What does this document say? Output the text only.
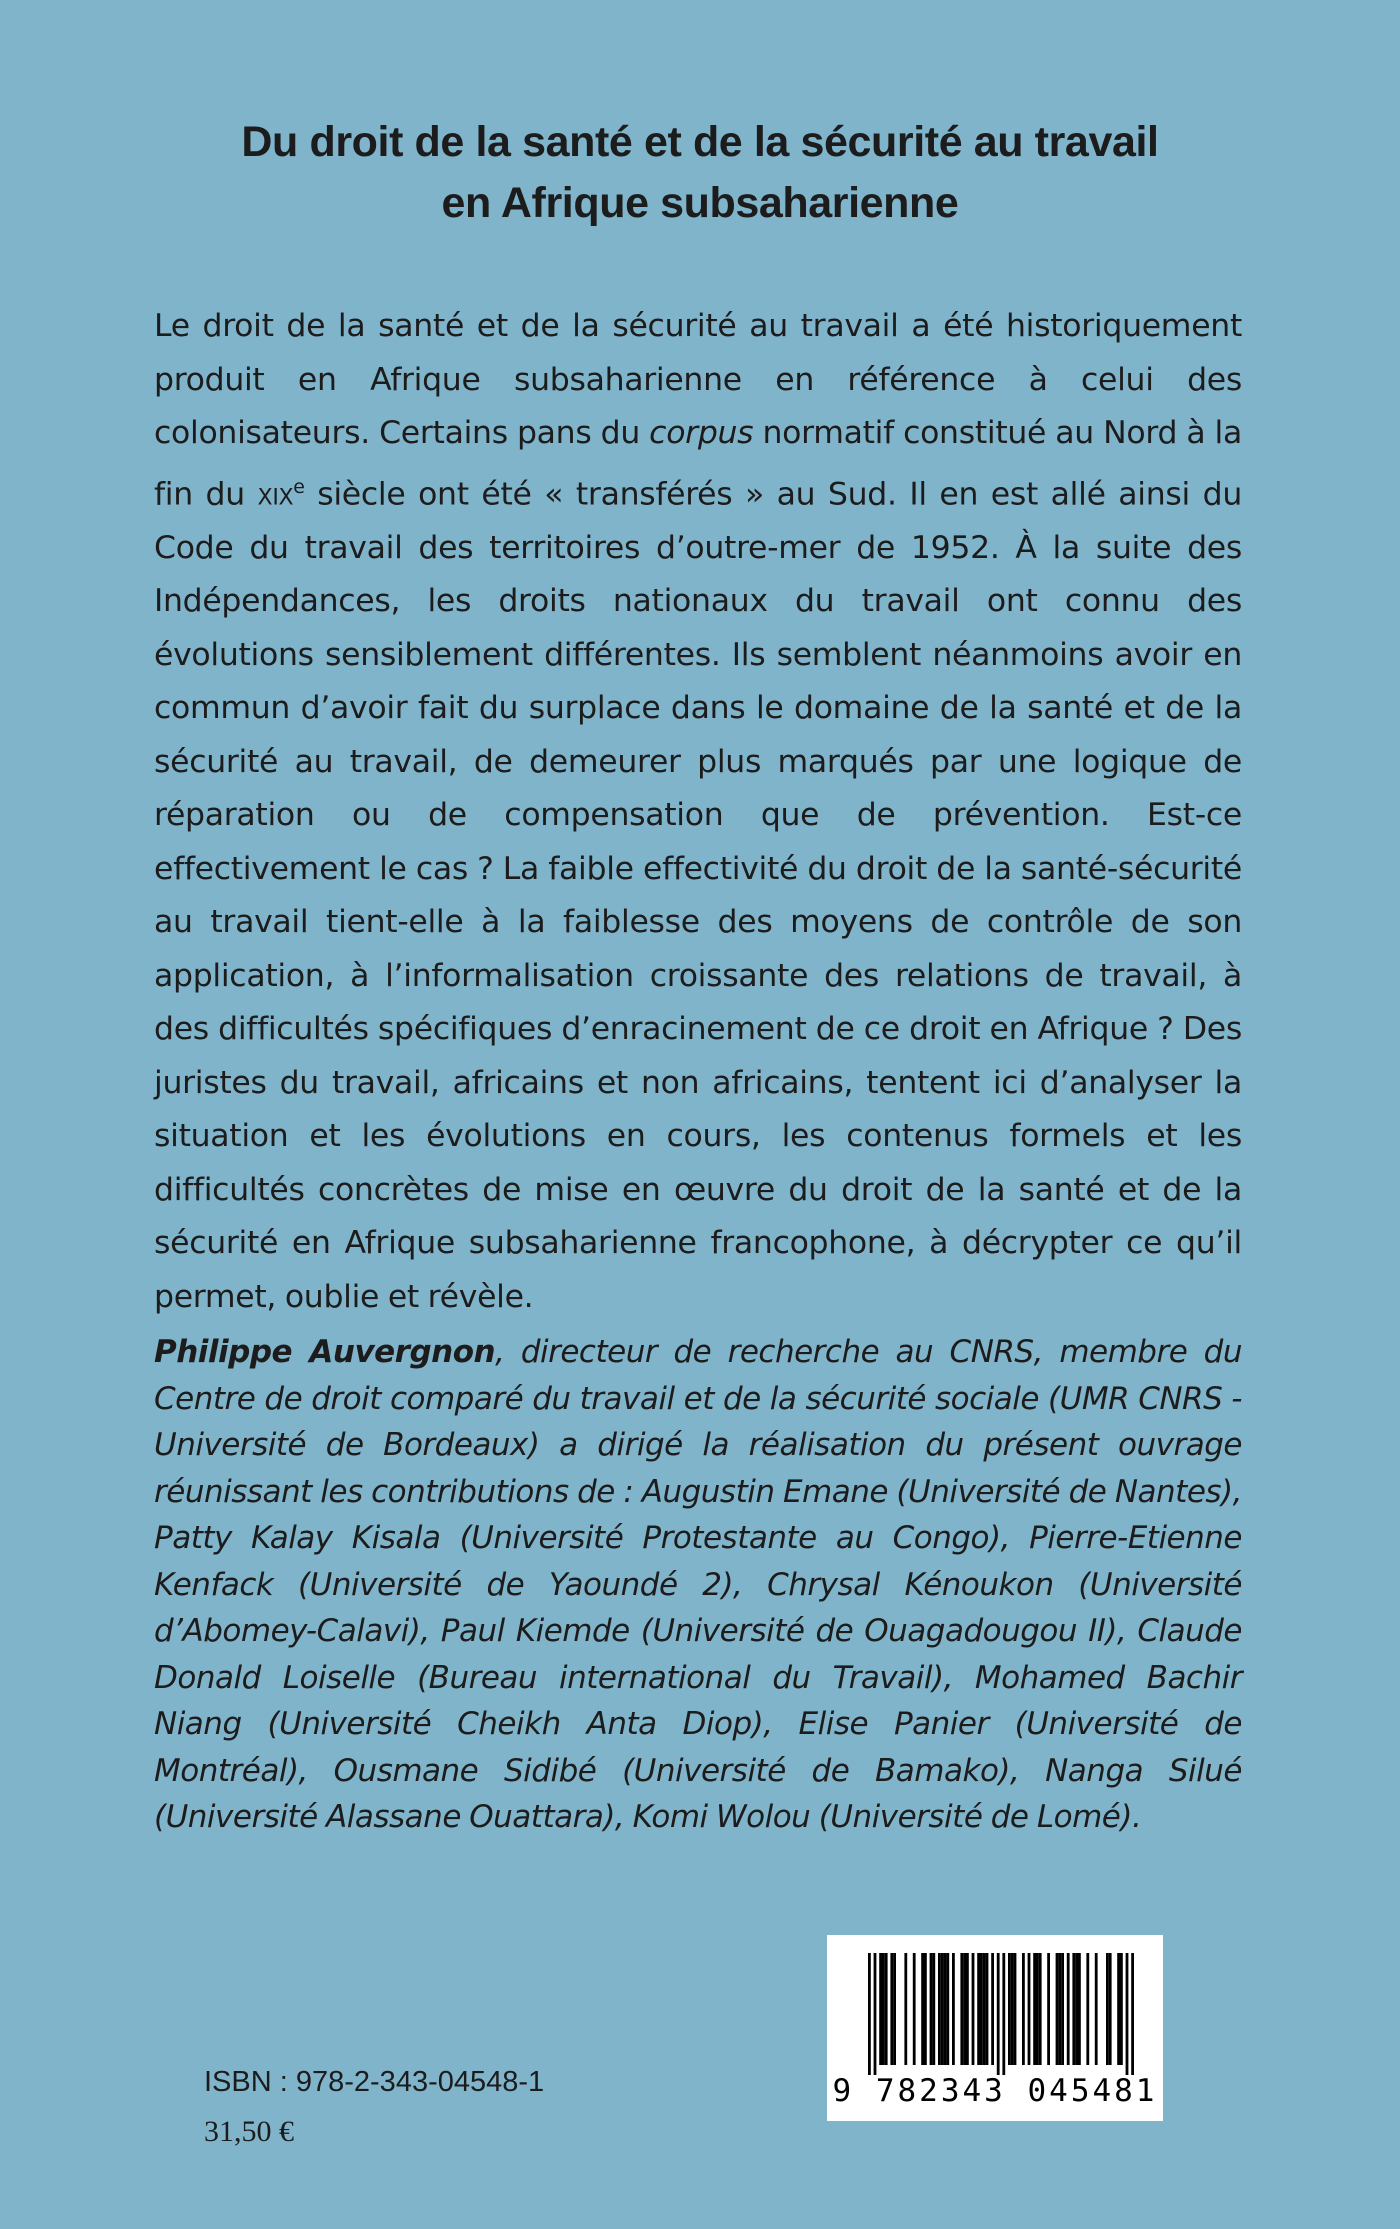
Du droit de la santé et de la sécurité au travail
en Afrique subsaharienne
Le droit de la santé et de la sécurité au travail a été historiquement produit en Afrique subsaharienne en référence à celui des colonisateurs. Certains pans du corpus normatif constitué au Nord à la fin du xix$^e$ siècle ont été « transférés » au Sud. Il en est allé ainsi du Code du travail des territoires d’outre-mer de 1952. À la suite des Indépendances, les droits nationaux du travail ont connu des évolutions sensiblement différentes. Ils semblent néanmoins avoir en commun d’avoir fait du surplace dans le domaine de la santé et de la sécurité au travail, de demeurer plus marqués par une logique de réparation ou de compensation que de prévention. Est-ce effectivement le cas ? La faible effectivité du droit de la santé-sécurité au travail tient-elle à la faiblesse des moyens de contrôle de son application, à l’informalisation croissante des relations de travail, à des difficultés spécifiques d’enracinement de ce droit en Afrique ? Des juristes du travail, africains et non africains, tentent ici d’analyser la situation et les évolutions en cours, les contenus formels et les difficultés concrètes de mise en œuvre du droit de la santé et de la sécurité en Afrique subsaharienne francophone, à décrypter ce qu’il permet, oublie et révèle.
Philippe Auvergnon, directeur de recherche au CNRS, membre du Centre de droit comparé du travail et de la sécurité sociale (UMR CNRS - Université de Bordeaux) a dirigé la réalisation du présent ouvrage réunissant les contributions de : Augustin Emane (Université de Nantes), Patty Kalay Kisala (Université Protestante au Congo), Pierre-Etienne Kenfack (Université de Yaoundé 2), Chrysal Kénoukon (Université d’Abomey-Calavi), Paul Kiemde (Université de Ouagadougou II), Claude Donald Loiselle (Bureau international du Travail), Mohamed Bachir Niang (Université Cheikh Anta Diop), Elise Panier (Université de Montréal), Ousmane Sidibé (Université de Bamako), Nanga Silué (Université Alassane Ouattara), Komi Wolou (Université de Lomé).
ISBN : 978-2-343-04548-1
31,50 €
9 782343 045481
